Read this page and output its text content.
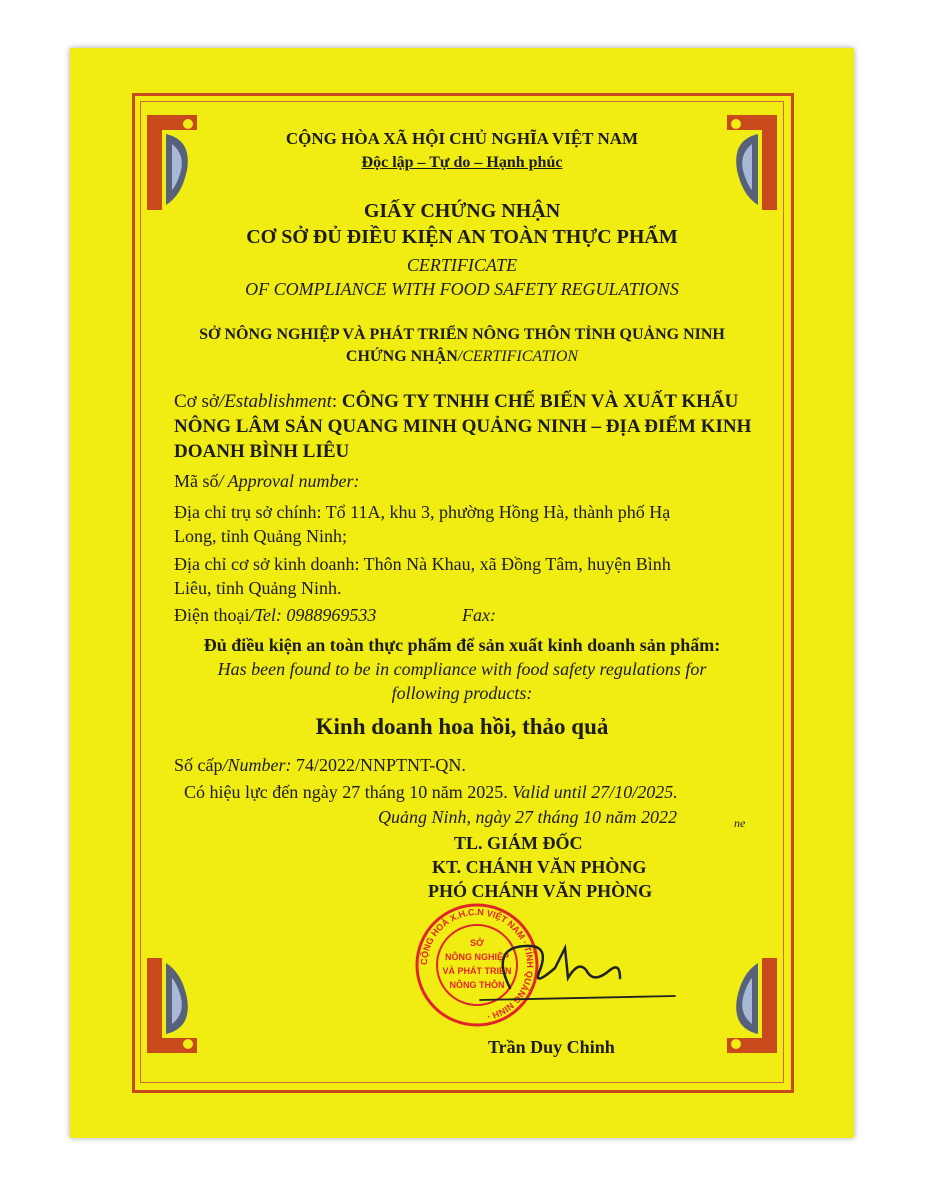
CỘNG HÒA XÃ HỘI CHỦ NGHĨA VIỆT NAM
Độc lập – Tự do – Hạnh phúc
GIẤY CHỨNG NHẬN
CƠ SỞ ĐỦ ĐIỀU KIỆN AN TOÀN THỰC PHẨM
CERTIFICATE
OF COMPLIANCE WITH FOOD SAFETY REGULATIONS
SỞ NÔNG NGHIỆP VÀ PHÁT TRIỂN NÔNG THÔN TỈNH QUẢNG NINH
CHỨNG NHẬN/CERTIFICATION
Cơ sở/Establishment: CÔNG TY TNHH CHẾ BIẾN VÀ XUẤT KHẨU
NÔNG LÂM SẢN QUANG MINH QUẢNG NINH – ĐỊA ĐIỂM KINH
DOANH BÌNH LIÊU
Mã số/ Approval number:
Địa chỉ trụ sở chính: Tổ 11A, khu 3, phường Hồng Hà, thành phố Hạ
Long, tỉnh Quảng Ninh;
Địa chỉ cơ sở kinh doanh: Thôn Nà Khau, xã Đồng Tâm, huyện Bình
Liêu, tỉnh Quảng Ninh.
Điện thoại/Tel: 0988969533	Fax:
Đủ điều kiện an toàn thực phẩm để sản xuất kinh doanh sản phẩm:
Has been found to be in compliance with food safety regulations for
following products:
Kinh doanh hoa hồi, thảo quả
Số cấp/Number: 74/2022/NNPTNT-QN.
Có hiệu lực đến ngày 27 tháng 10 năm 2025. Valid until 27/10/2025.
Quảng Ninh, ngày 27 tháng 10 năm 2022	ne
TL. GIÁM ĐỐC
KT. CHÁNH VĂN PHÒNG
PHÓ CHÁNH VĂN PHÒNG
CỘNG HOÀ X.H.C.N VIỆT NAM · TỈNH QUẢNG NINH ·
SỞ
NÔNG NGHIỆP
VÀ PHÁT TRIỂN
NÔNG THÔN
Trần Duy Chinh
